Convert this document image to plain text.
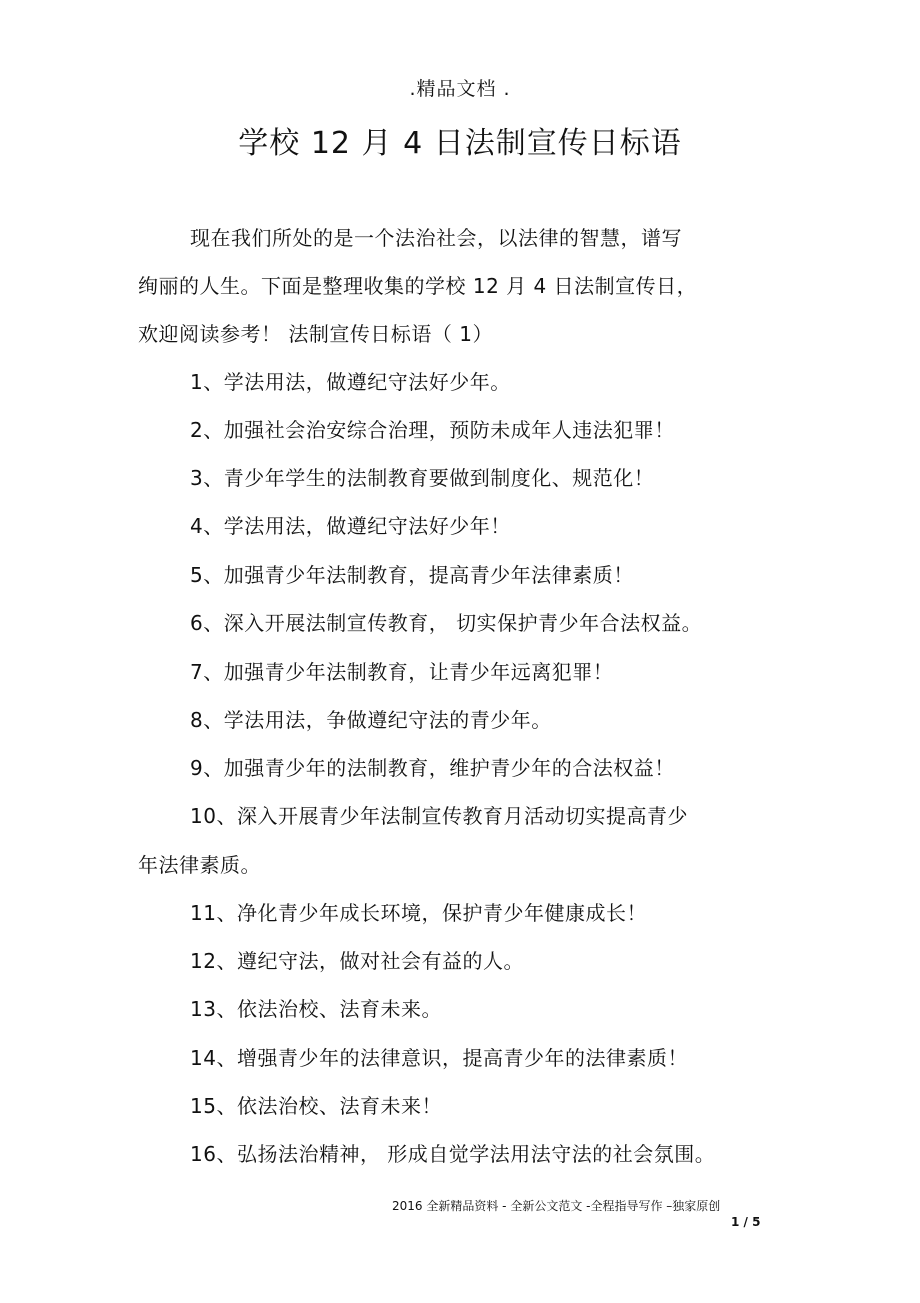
.精品文档 .
学校 12 月 4 日法制宣传日标语
现在我们所处的是一个法治社会，以法律的智慧，谱写
绚丽的人生。下面是整理收集的学校 12 月 4 日法制宣传日，
欢迎阅读参考！ 法制宣传日标语（ 1）
1、学法用法，做遵纪守法好少年。
2、加强社会治安综合治理，预防未成年人违法犯罪！
3、青少年学生的法制教育要做到制度化、规范化！
4、学法用法，做遵纪守法好少年！
5、加强青少年法制教育，提高青少年法律素质！
6、深入开展法制宣传教育， 切实保护青少年合法权益。
7、加强青少年法制教育，让青少年远离犯罪！
8、学法用法，争做遵纪守法的青少年。
9、加强青少年的法制教育，维护青少年的合法权益！
10、深入开展青少年法制宣传教育月活动切实提高青少
年法律素质。
11、净化青少年成长环境，保护青少年健康成长！
12、遵纪守法，做对社会有益的人。
13、依法治校、法育未来。
14、增强青少年的法律意识，提高青少年的法律素质！
15、依法治校、法育未来！
16、弘扬法治精神， 形成自觉学法用法守法的社会氛围。
2016 全新精品资料 - 全新公文范文 -全程指导写作 –独家原创
1 / 5
